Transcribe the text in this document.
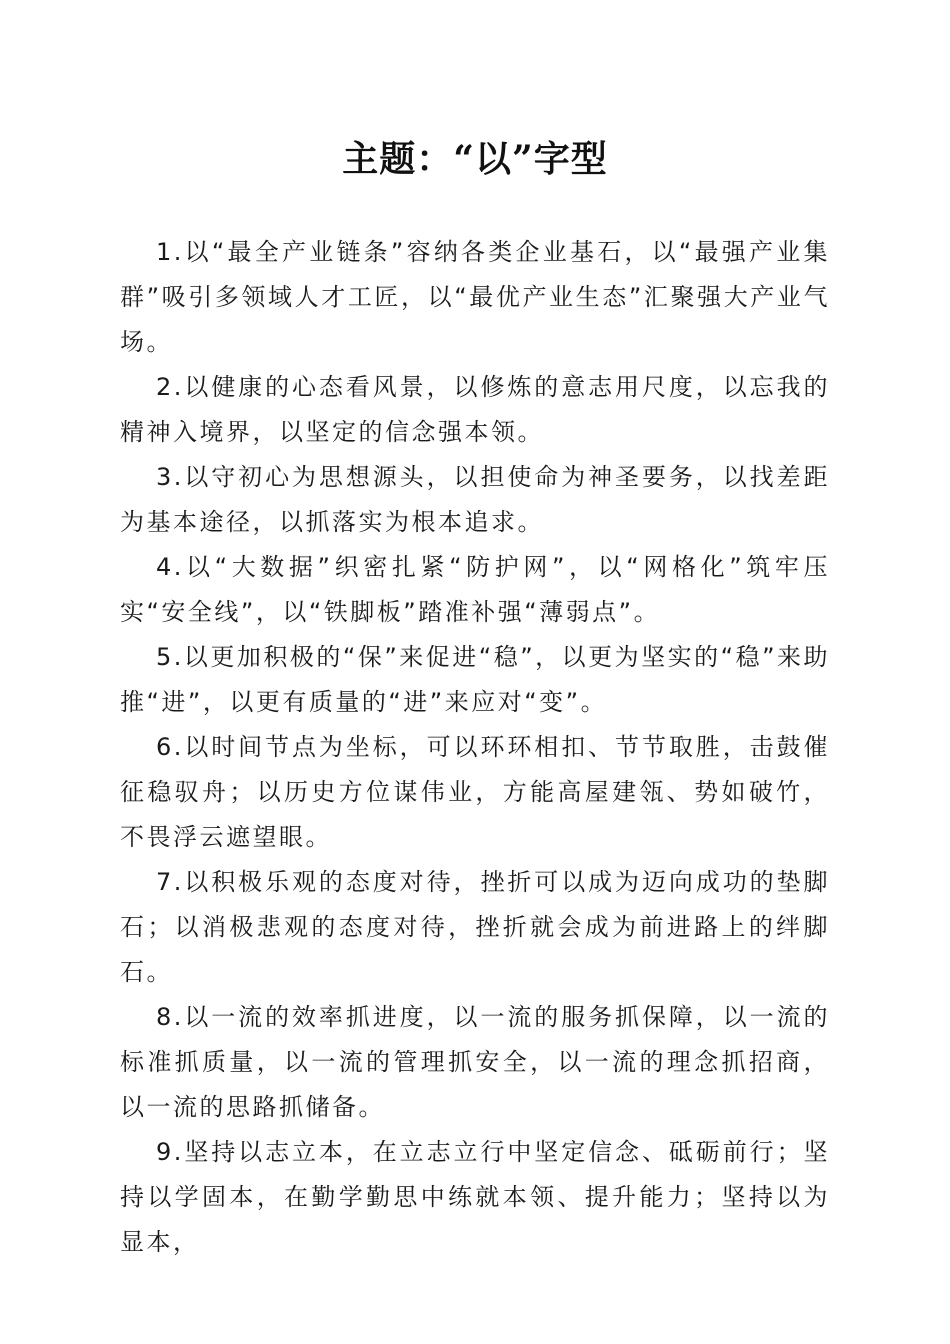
主题：“以”字型

1.以“最全产业链条”容纳各类企业基石，以“最强产业集群”吸引多领域人才工匠，以“最优产业生态”汇聚强大产业气场。

2.以健康的心态看风景，以修炼的意志用尺度，以忘我的精神入境界，以坚定的信念强本领。

3.以守初心为思想源头，以担使命为神圣要务，以找差距为基本途径，以抓落实为根本追求。

4.以“大数据”织密扎紧“防护网”，以“网格化”筑牢压实“安全线”，以“铁脚板”踏准补强“薄弱点”。

5.以更加积极的“保”来促进“稳”，以更为坚实的“稳”来助推“进”，以更有质量的“进”来应对“变”。

6.以时间节点为坐标，可以环环相扣、节节取胜，击鼓催征稳驭舟；以历史方位谋伟业，方能高屋建瓴、势如破竹，不畏浮云遮望眼。

7.以积极乐观的态度对待，挫折可以成为迈向成功的垫脚石；以消极悲观的态度对待，挫折就会成为前进路上的绊脚石。

8.以一流的效率抓进度，以一流的服务抓保障，以一流的标准抓质量，以一流的管理抓安全，以一流的理念抓招商，以一流的思路抓储备。

9.坚持以志立本，在立志立行中坚定信念、砥砺前行；坚持以学固本，在勤学勤思中练就本领、提升能力；坚持以为显本，
